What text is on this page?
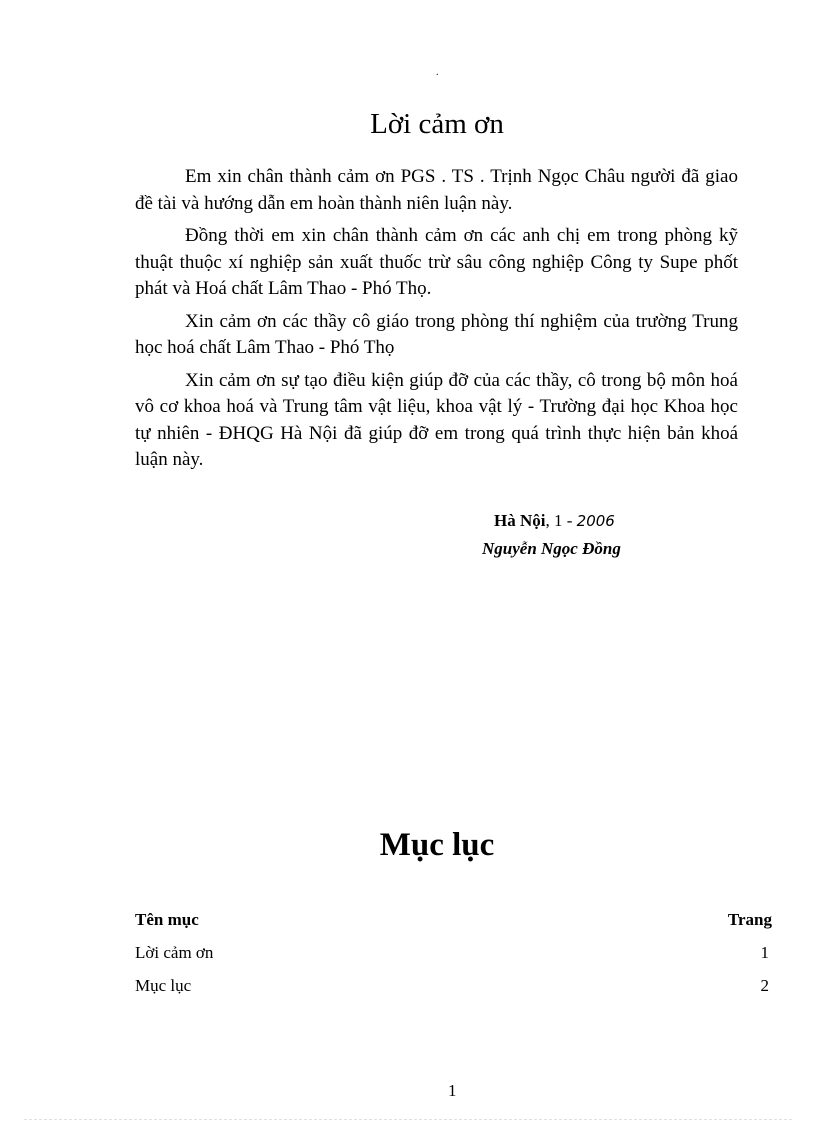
.
Lời cảm ơn

Em xin chân thành cảm ơn PGS . TS . Trịnh Ngọc Châu người đã giao đề tài và hướng dẫn em hoàn thành niên luận này.

Đồng thời em xin chân thành cảm ơn các anh chị em trong phòng kỹ thuật thuộc xí nghiệp sản xuất thuốc trừ sâu công nghiệp Công ty Supe phốt phát và Hoá chất Lâm Thao - Phó Thọ.

Xin cảm ơn các thầy cô giáo trong phòng thí nghiệm của trường Trung học hoá chất Lâm Thao - Phó Thọ

Xin cảm ơn sự tạo điều kiện giúp đỡ của các thầy, cô trong bộ môn hoá vô cơ khoa hoá và Trung tâm vật liệu, khoa vật lý - Trường đại học Khoa học tự nhiên - ĐHQG Hà Nội đã giúp đỡ em trong quá trình thực hiện bản khoá luận này.

Hà Nội, 1 - 2006
Nguyễn Ngọc Đồng
Mục lục
Tên mục	Trang
Lời cảm ơn	1
Mục lục	2
1
